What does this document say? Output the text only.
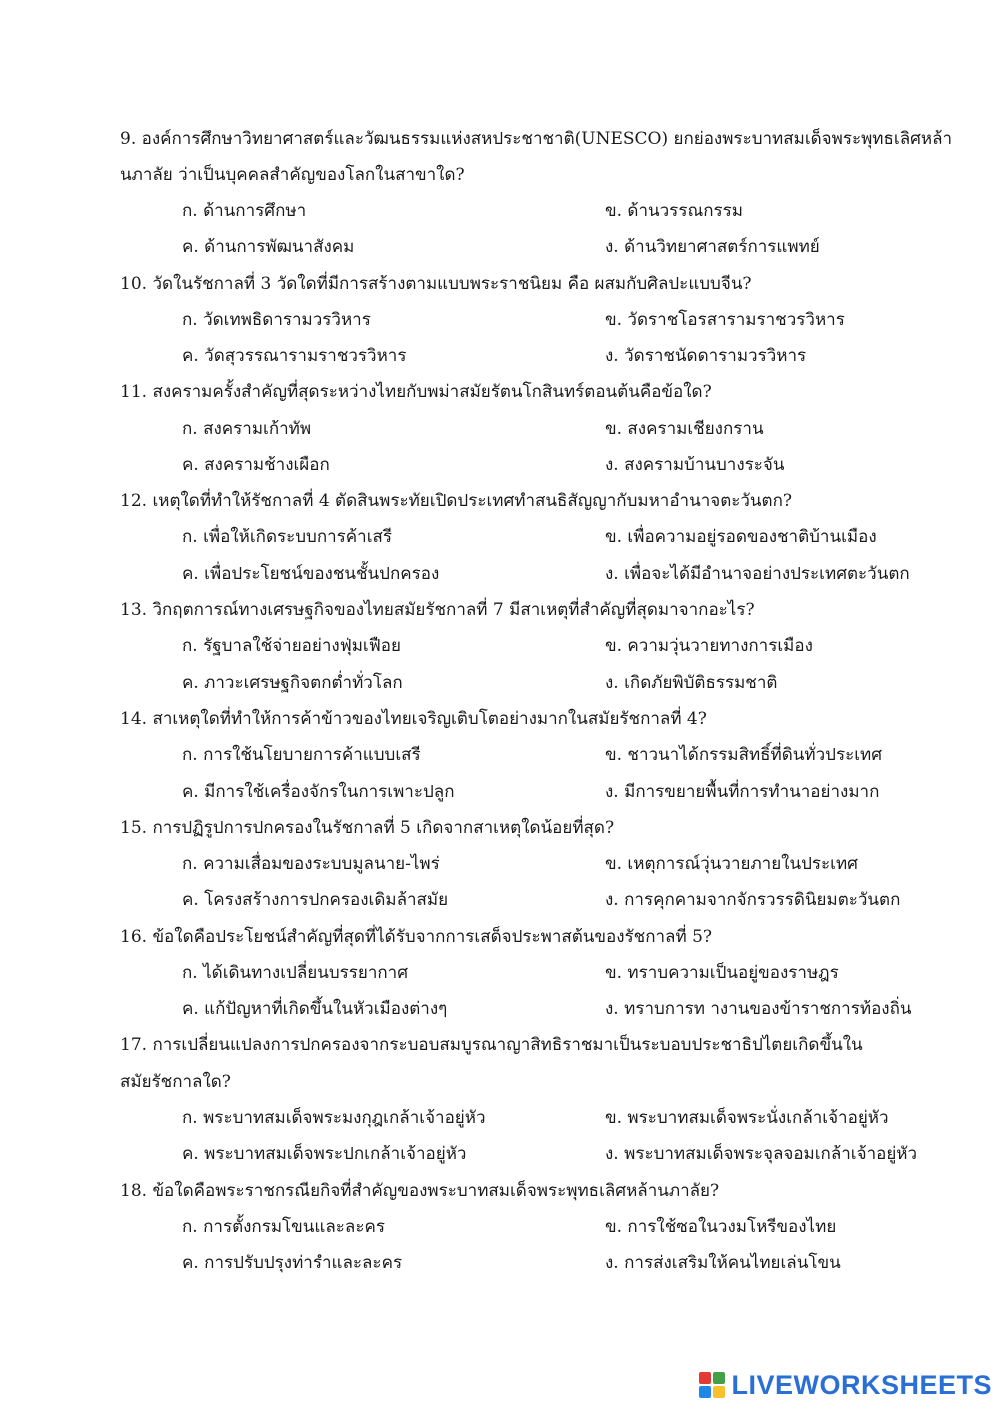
9. องค์การศึกษาวิทยาศาสตร์และวัฒนธรรมแห่งสหประชาชาติ(UNESCO) ยกย่องพระบาทสมเด็จพระพุทธเลิศหล้า
นภาลัย ว่าเป็นบุคคลสำคัญของโลกในสาขาใด?
ก. ด้านการศึกษา	ข. ด้านวรรณกรรม
ค. ด้านการพัฒนาสังคม	ง. ด้านวิทยาศาสตร์การแพทย์
10. วัดในรัชกาลที่ 3 วัดใดที่มีการสร้างตามแบบพระราชนิยม คือ ผสมกับศิลปะแบบจีน?
ก. วัดเทพธิดารามวรวิหาร	ข. วัดราชโอรสารามราชวรวิหาร
ค. วัดสุวรรณารามราชวรวิหาร	ง. วัดราชนัดดารามวรวิหาร
11. สงครามครั้งสำคัญที่สุดระหว่างไทยกับพม่าสมัยรัตนโกสินทร์ตอนต้นคือข้อใด?
ก. สงครามเก้าทัพ	ข. สงครามเชียงกราน
ค. สงครามช้างเผือก	ง. สงครามบ้านบางระจัน
12. เหตุใดที่ทำให้รัชกาลที่ 4 ตัดสินพระทัยเปิดประเทศทำสนธิสัญญากับมหาอำนาจตะวันตก?
ก. เพื่อให้เกิดระบบการค้าเสรี	ข. เพื่อความอยู่รอดของชาติบ้านเมือง
ค. เพื่อประโยชน์ของชนชั้นปกครอง	ง. เพื่อจะได้มีอำนาจอย่างประเทศตะวันตก
13. วิกฤตการณ์ทางเศรษฐกิจของไทยสมัยรัชกาลที่ 7 มีสาเหตุที่สำคัญที่สุดมาจากอะไร?
ก. รัฐบาลใช้จ่ายอย่างฟุ่มเฟือย	ข. ความวุ่นวายทางการเมือง
ค. ภาวะเศรษฐกิจตกต่ำทั่วโลก	ง. เกิดภัยพิบัติธรรมชาติ
14. สาเหตุใดที่ทำให้การค้าข้าวของไทยเจริญเติบโตอย่างมากในสมัยรัชกาลที่ 4?
ก. การใช้นโยบายการค้าแบบเสรี	ข. ชาวนาได้กรรมสิทธิ์ที่ดินทั่วประเทศ
ค. มีการใช้เครื่องจักรในการเพาะปลูก	ง. มีการขยายพื้นที่การทำนาอย่างมาก
15. การปฏิรูปการปกครองในรัชกาลที่ 5 เกิดจากสาเหตุใดน้อยที่สุด?
ก. ความเสื่อมของระบบมูลนาย-ไพร่	ข. เหตุการณ์วุ่นวายภายในประเทศ
ค. โครงสร้างการปกครองเดิมล้าสมัย	ง. การคุกคามจากจักรวรรดินิยมตะวันตก
16. ข้อใดคือประโยชน์สำคัญที่สุดที่ได้รับจากการเสด็จประพาสต้นของรัชกาลที่ 5?
ก. ได้เดินทางเปลี่ยนบรรยากาศ	ข. ทราบความเป็นอยู่ของราษฎร
ค. แก้ปัญหาที่เกิดขึ้นในหัวเมืองต่างๆ	ง. ทราบการท างานของข้าราชการท้องถิ่น
17. การเปลี่ยนแปลงการปกครองจากระบอบสมบูรณาญาสิทธิราชมาเป็นระบอบประชาธิปไตยเกิดขึ้นใน
สมัยรัชกาลใด?
ก. พระบาทสมเด็จพระมงกุฎเกล้าเจ้าอยู่หัว	ข. พระบาทสมเด็จพระนั่งเกล้าเจ้าอยู่หัว
ค. พระบาทสมเด็จพระปกเกล้าเจ้าอยู่หัว	ง. พระบาทสมเด็จพระจุลจอมเกล้าเจ้าอยู่หัว
18. ข้อใดคือพระราชกรณียกิจที่สำคัญของพระบาทสมเด็จพระพุทธเลิศหล้านภาลัย?
ก. การตั้งกรมโขนและละคร	ข. การใช้ซอในวงมโหรีของไทย
ค. การปรับปรุงท่ารำและละคร	ง. การส่งเสริมให้คนไทยเล่นโขน
LIVEWORKSHEETS
